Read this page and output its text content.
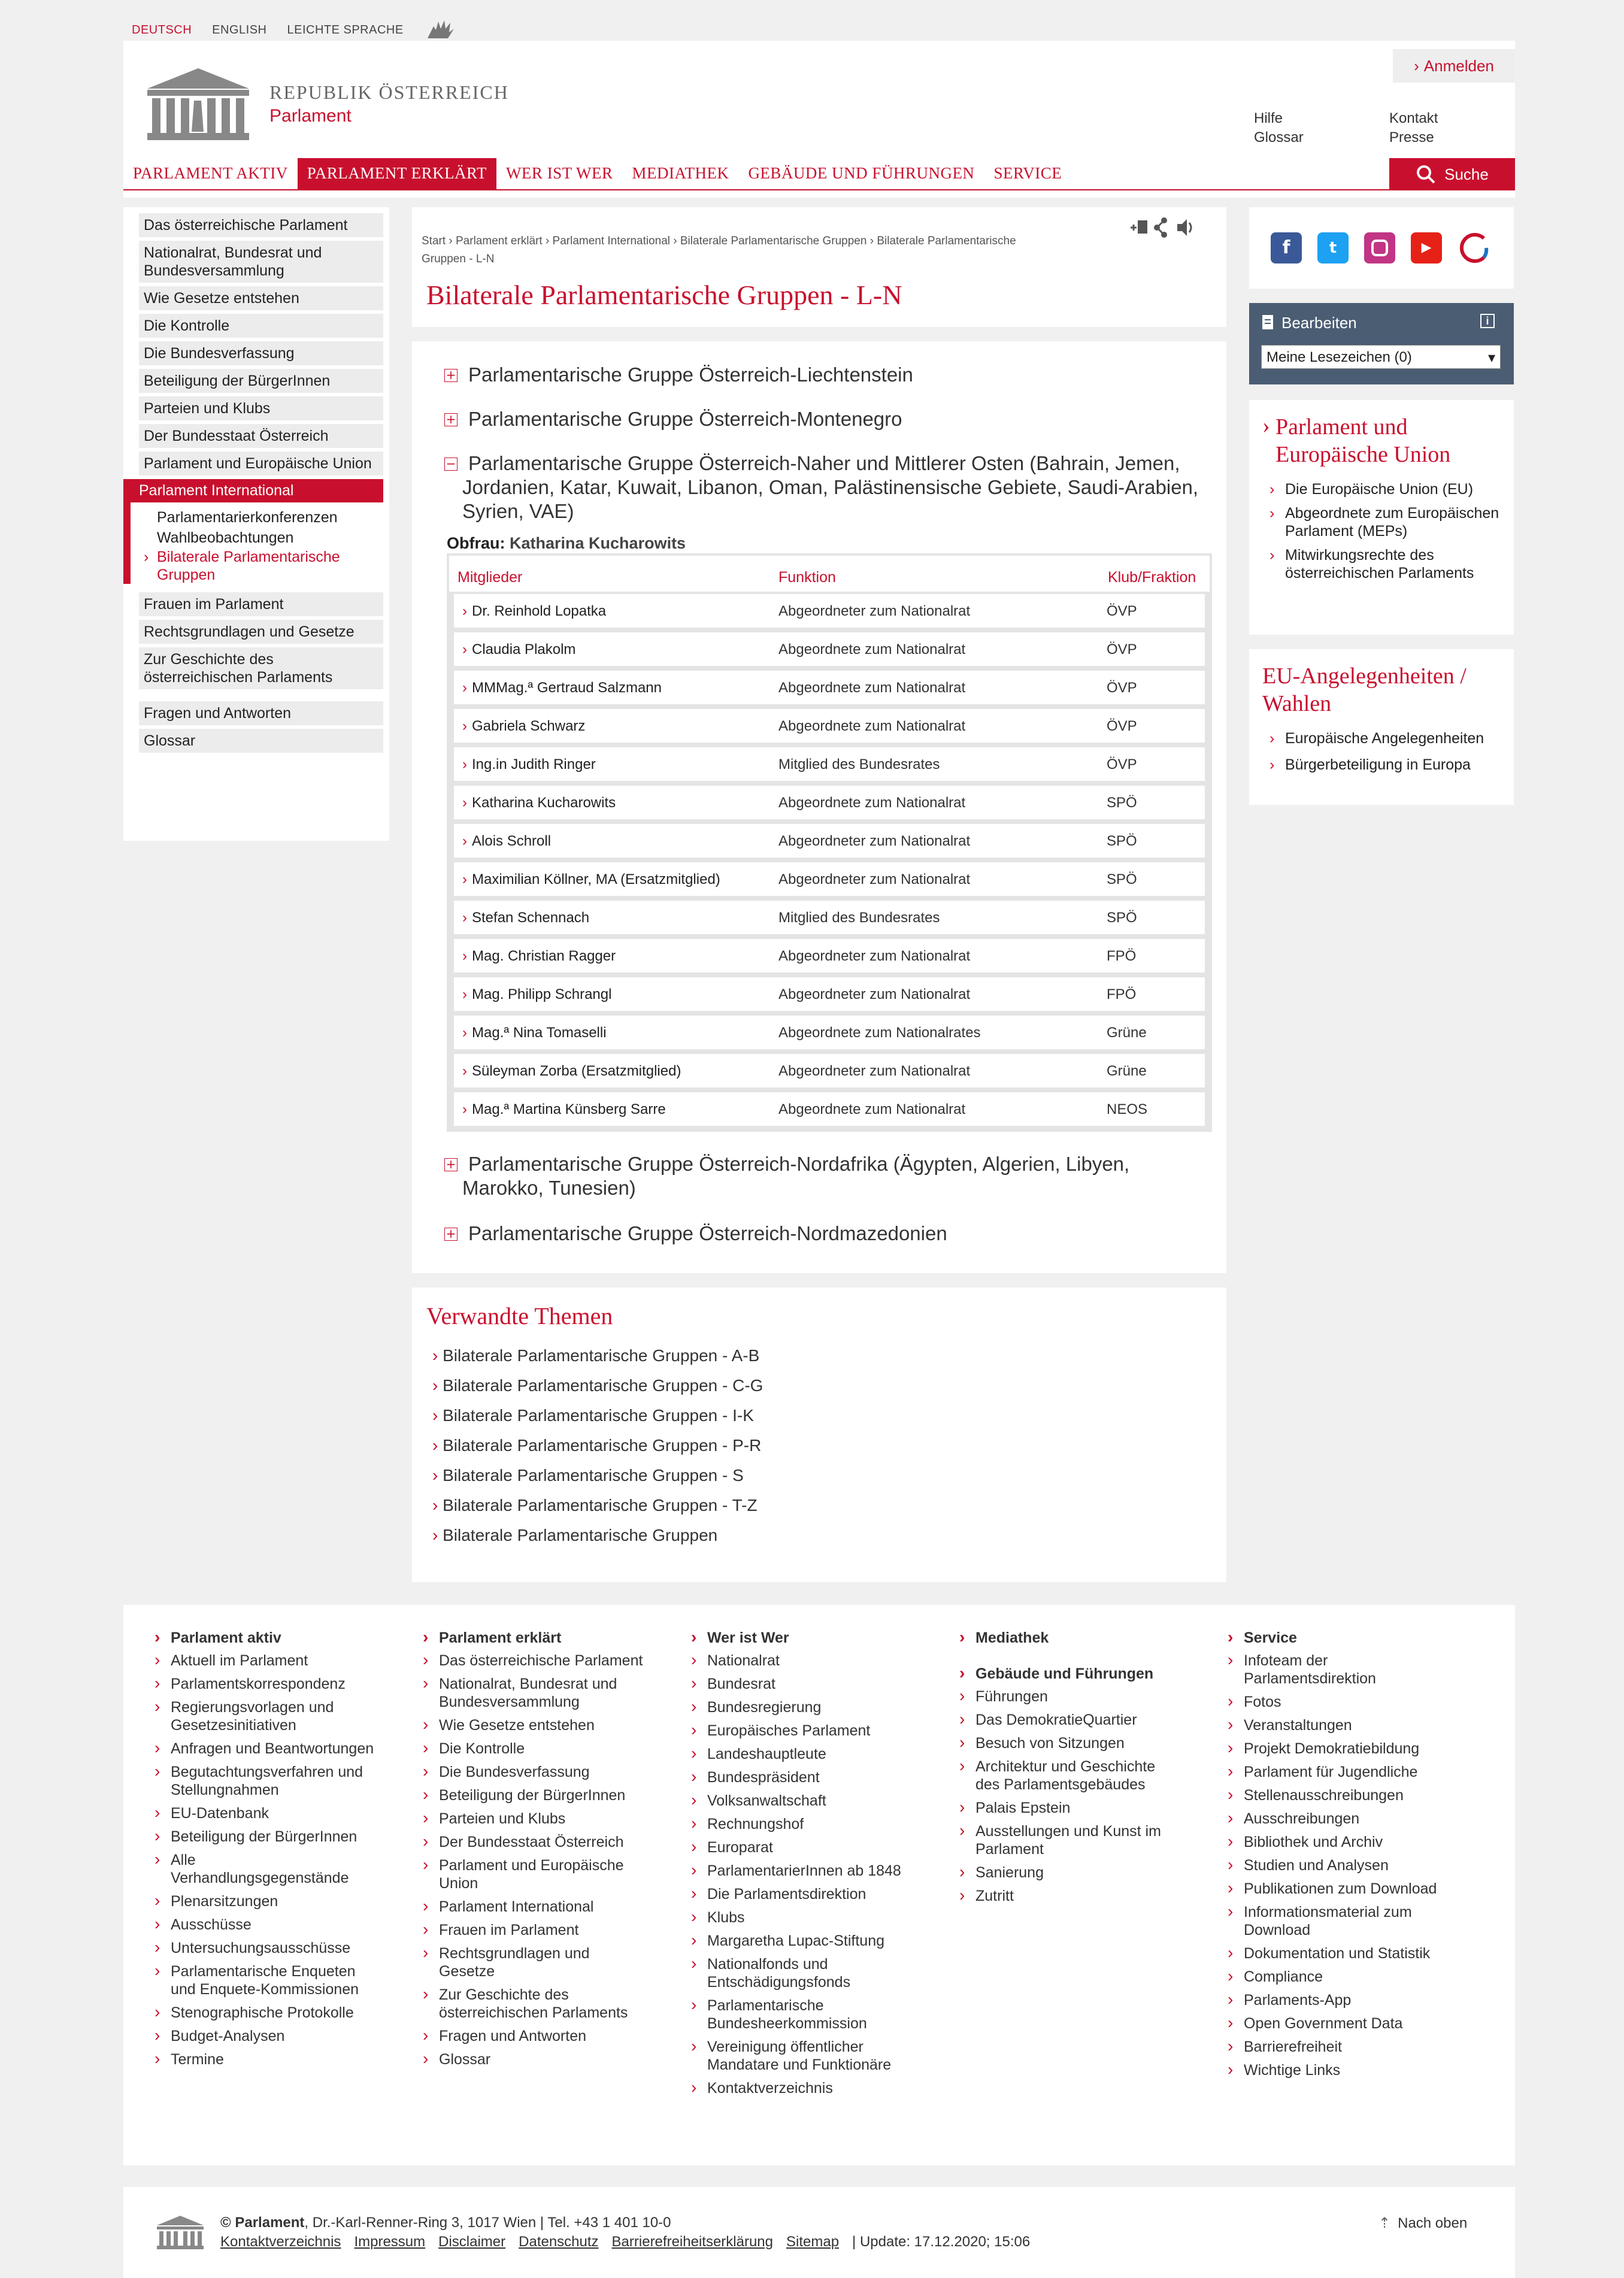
DEUTSCH ENGLISH LEICHTE SPRACHE
REPUBLIK ÖSTERREICH
Parlament
› Anmelden
Hilfe
Glossar
Kontakt
Presse
PARLAMENT AKTIV	PARLAMENT ERKLÄRT	WER IST WER	MEDIATHEK	GEBÄUDE UND FÜHRUNGEN	SERVICE	Suche
Das österreichische Parlament
Nationalrat, Bundesrat und Bundesversammlung
Wie Gesetze entstehen
Die Kontrolle
Die Bundesverfassung
Beteiligung der BürgerInnen
Parteien und Klubs
Der Bundesstaat Österreich
Parlament und Europäische Union
Parlament International
Parlamentarierkonferenzen
Wahlbeobachtungen
› Bilaterale Parlamentarische Gruppen
Frauen im Parlament
Rechtsgrundlagen und Gesetze
Zur Geschichte des österreichischen Parlaments
Fragen und Antworten
Glossar
Start › Parlament erklärt › Parlament International › Bilaterale Parlamentarische Gruppen › Bilaterale Parlamentarische
Gruppen - L-N
Bilaterale Parlamentarische Gruppen - L-N
+ Parlamentarische Gruppe Österreich-Liechtenstein
+ Parlamentarische Gruppe Österreich-Montenegro
− Parlamentarische Gruppe Österreich-Naher und Mittlerer Osten (Bahrain, Jemen, Jordanien, Katar, Kuwait, Libanon, Oman, Palästinensische Gebiete, Saudi-Arabien, Syrien, VAE)
Obfrau: Katharina Kucharowits
Mitglieder	Funktion	Klub/Fraktion
› Dr. Reinhold Lopatka	Abgeordneter zum Nationalrat	ÖVP
› Claudia Plakolm	Abgeordnete zum Nationalrat	ÖVP
› MMMag.ª Gertraud Salzmann	Abgeordnete zum Nationalrat	ÖVP
› Gabriela Schwarz	Abgeordnete zum Nationalrat	ÖVP
› Ing.in Judith Ringer	Mitglied des Bundesrates	ÖVP
› Katharina Kucharowits	Abgeordnete zum Nationalrat	SPÖ
› Alois Schroll	Abgeordneter zum Nationalrat	SPÖ
› Maximilian Köllner, MA (Ersatzmitglied)	Abgeordneter zum Nationalrat	SPÖ
› Stefan Schennach	Mitglied des Bundesrates	SPÖ
› Mag. Christian Ragger	Abgeordneter zum Nationalrat	FPÖ
› Mag. Philipp Schrangl	Abgeordneter zum Nationalrat	FPÖ
› Mag.ª Nina Tomaselli	Abgeordnete zum Nationalrates	Grüne
› Süleyman Zorba (Ersatzmitglied)	Abgeordneter zum Nationalrat	Grüne
› Mag.ª Martina Künsberg Sarre	Abgeordnete zum Nationalrat	NEOS
+ Parlamentarische Gruppe Österreich-Nordafrika (Ägypten, Algerien, Libyen, Marokko, Tunesien)
+ Parlamentarische Gruppe Österreich-Nordmazedonien
Verwandte Themen
› Bilaterale Parlamentarische Gruppen - A-B
› Bilaterale Parlamentarische Gruppen - C-G
› Bilaterale Parlamentarische Gruppen - I-K
› Bilaterale Parlamentarische Gruppen - P-R
› Bilaterale Parlamentarische Gruppen - S
› Bilaterale Parlamentarische Gruppen - T-Z
› Bilaterale Parlamentarische Gruppen
f	t	▶
Bearbeiten	i
Meine Lesezeichen (0)	▾
› Parlament und Europäische Union
› Die Europäische Union (EU)
› Abgeordnete zum Europäischen Parlament (MEPs)
› Mitwirkungsrechte des österreichischen Parlaments
EU-Angelegenheiten / Wahlen
› Europäische Angelegenheiten
› Bürgerbeteiligung in Europa
› Parlament aktiv
› Aktuell im Parlament
› Parlamentskorrespondenz
› Regierungsvorlagen und Gesetzesinitiativen
› Anfragen und Beantwortungen
› Begutachtungsverfahren und Stellungnahmen
› EU-Datenbank
› Beteiligung der BürgerInnen
› Alle Verhandlungsgegenstände
› Plenarsitzungen
› Ausschüsse
› Untersuchungsausschüsse
› Parlamentarische Enqueten und Enquete-Kommissionen
› Stenographische Protokolle
› Budget-Analysen
› Termine
› Parlament erklärt
› Das österreichische Parlament
› Nationalrat, Bundesrat und Bundesversammlung
› Wie Gesetze entstehen
› Die Kontrolle
› Die Bundesverfassung
› Beteiligung der BürgerInnen
› Parteien und Klubs
› Der Bundesstaat Österreich
› Parlament und Europäische Union
› Parlament International
› Frauen im Parlament
› Rechtsgrundlagen und Gesetze
› Zur Geschichte des österreichischen Parlaments
› Fragen und Antworten
› Glossar
› Wer ist Wer
› Nationalrat
› Bundesrat
› Bundesregierung
› Europäisches Parlament
› Landeshauptleute
› Bundespräsident
› Volksanwaltschaft
› Rechnungshof
› Europarat
› ParlamentarierInnen ab 1848
› Die Parlamentsdirektion
› Klubs
› Margaretha Lupac-Stiftung
› Nationalfonds und Entschädigungsfonds
› Parlamentarische Bundesheerkommission
› Vereinigung öffentlicher Mandatare und Funktionäre
› Kontaktverzeichnis
› Mediathek
› Gebäude und Führungen
› Führungen
› Das DemokratieQuartier
› Besuch von Sitzungen
› Architektur und Geschichte des Parlamentsgebäudes
› Palais Epstein
› Ausstellungen und Kunst im Parlament
› Sanierung
› Zutritt
› Service
› Infoteam der Parlamentsdirektion
› Fotos
› Veranstaltungen
› Projekt Demokratiebildung
› Parlament für Jugendliche
› Stellenausschreibungen
› Ausschreibungen
› Bibliothek und Archiv
› Studien und Analysen
› Publikationen zum Download
› Informationsmaterial zum Download
› Dokumentation und Statistik
› Compliance
› Parlaments-App
› Open Government Data
› Barrierefreiheit
› Wichtige Links
© Parlament, Dr.-Karl-Renner-Ring 3, 1017 Wien | Tel. +43 1 401 10-0
Kontaktverzeichnis Impressum Disclaimer Datenschutz Barrierefreiheitserklärung Sitemap | Update: 17.12.2020; 15:06
⇡ Nach oben
